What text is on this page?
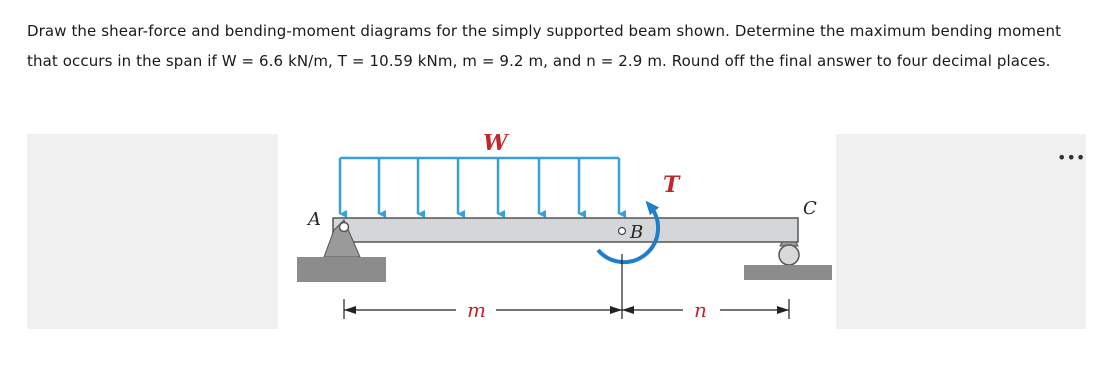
Draw the shear-force and bending-moment diagrams for the simply supported beam shown. Determine the maximum bending moment that occurs in the span if W = 6.6 kN/m, T = 10.59 kNm, m = 9.2 m, and n = 2.9 m. Round off the final answer to four decimal places.
•••
W
A
C
B
T
m	n
